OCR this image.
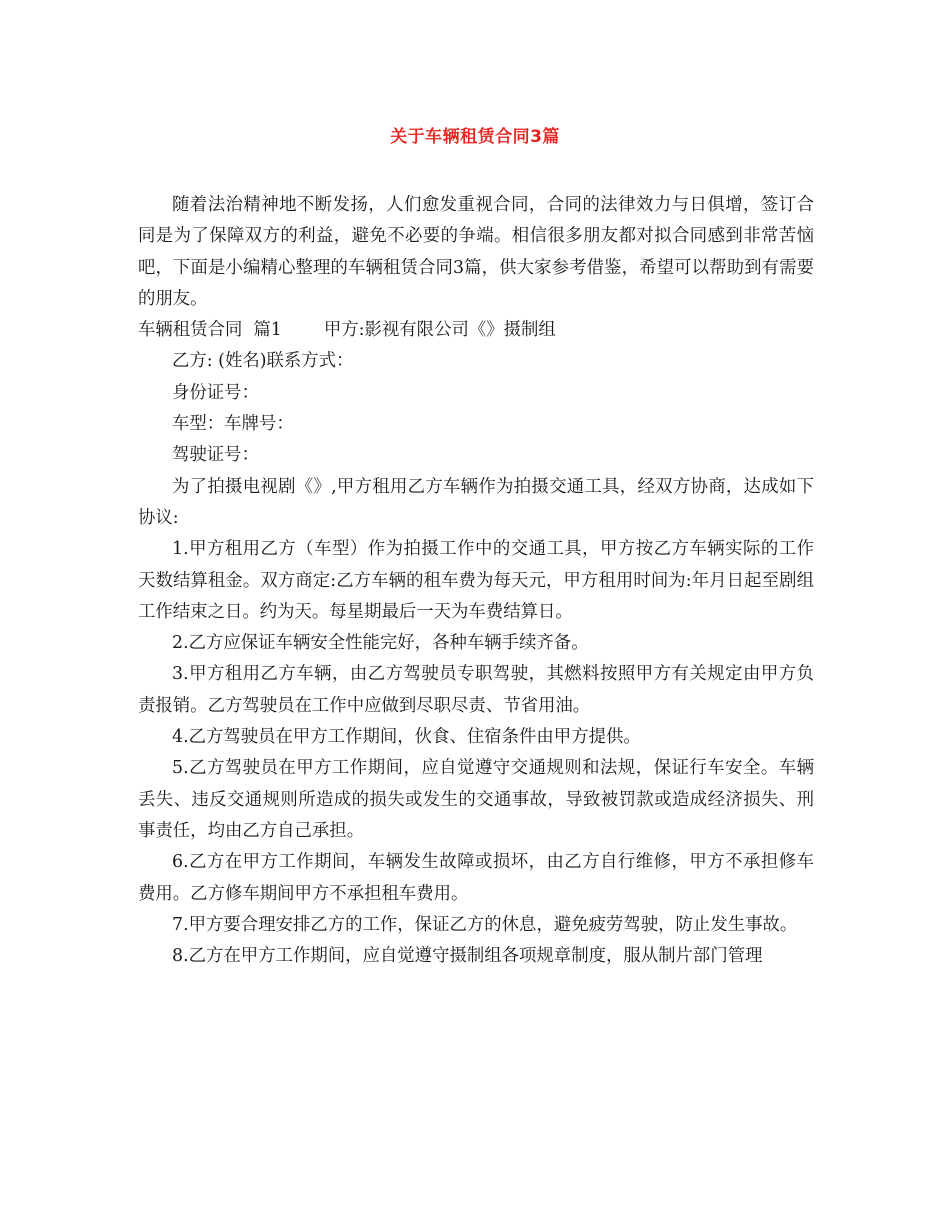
关于车辆租赁合同3篇

随着法治精神地不断发扬，人们愈发重视合同，合同的法律效力与日俱增，签订合同是为了保障双方的利益，避免不必要的争端。相信很多朋友都对拟合同感到非常苦恼吧，下面是小编精心整理的车辆租赁合同3篇，供大家参考借鉴，希望可以帮助到有需要的朋友。

车辆租赁合同  篇1 甲方:影视有限公司《》摄制组

乙方: (姓名)联系方式：

身份证号：

车型：车牌号：

驾驶证号：

为了拍摄电视剧《》,甲方租用乙方车辆作为拍摄交通工具，经双方协商，达成如下协议:

1.甲方租用乙方（车型）作为拍摄工作中的交通工具，甲方按乙方车辆实际的工作天数结算租金。双方商定:乙方车辆的租车费为每天元，甲方租用时间为:年月日起至剧组工作结束之日。约为天。每星期最后一天为车费结算日。

2.乙方应保证车辆安全性能完好，各种车辆手续齐备。

3.甲方租用乙方车辆，由乙方驾驶员专职驾驶，其燃料按照甲方有关规定由甲方负责报销。乙方驾驶员在工作中应做到尽职尽责、节省用油。

4.乙方驾驶员在甲方工作期间，伙食、住宿条件由甲方提供。

5.乙方驾驶员在甲方工作期间，应自觉遵守交通规则和法规，保证行车安全。车辆丢失、违反交通规则所造成的损失或发生的交通事故，导致被罚款或造成经济损失、刑事责任，均由乙方自己承担。

6.乙方在甲方工作期间，车辆发生故障或损坏，由乙方自行维修，甲方不承担修车费用。乙方修车期间甲方不承担租车费用。

7.甲方要合理安排乙方的工作，保证乙方的休息，避免疲劳驾驶，防止发生事故。

8.乙方在甲方工作期间，应自觉遵守摄制组各项规章制度，服从制片部门管理
